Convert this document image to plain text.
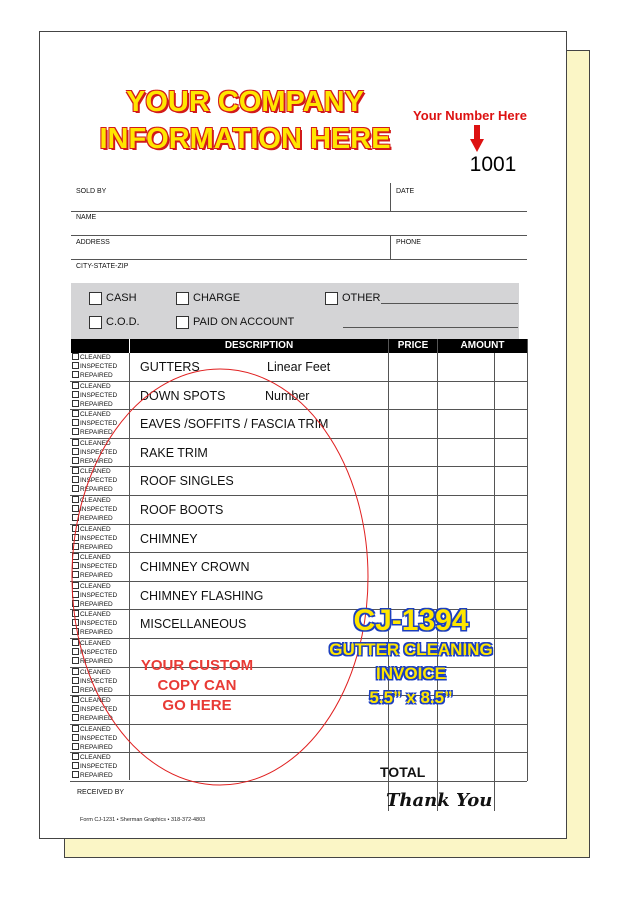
YOUR COMPANY
INFORMATION HERE
Your Number Here
1001
SOLD BY	DATE
NAME
ADDRESS	PHONE
CITY-STATE-ZIP
CASH	CHARGE	OTHER
C.O.D.	PAID ON ACCOUNT
DESCRIPTION	PRICE	AMOUNT
CLEANED
INSPECTED
REPAIRED
GUTTERS	Linear Feet
CLEANED
INSPECTED
REPAIRED
DOWN SPOTS	Number
CLEANED
INSPECTED
REPAIRED
EAVES /SOFFITS / FASCIA TRIM
CLEANED
INSPECTED
REPAIRED
RAKE TRIM
CLEANED
INSPECTED
REPAIRED
ROOF SINGLES
CLEANED
INSPECTED
REPAIRED
ROOF BOOTS
CLEANED
INSPECTED
REPAIRED
CHIMNEY
CLEANED
INSPECTED
REPAIRED
CHIMNEY CROWN
CLEANED
INSPECTED
REPAIRED
CHIMNEY FLASHING
CLEANED
INSPECTED
REPAIRED
MISCELLANEOUS
CLEANED
INSPECTED
REPAIRED
CLEANED
INSPECTED
REPAIRED
CLEANED
INSPECTED
REPAIRED
CLEANED
INSPECTED
REPAIRED
CLEANED
INSPECTED
REPAIRED
YOUR CUSTOM
COPY CAN
GO HERE
CJ-1394
GUTTER CLEANING
INVOICE
5.5” x 8.5”
TOTAL
RECEIVED BY	Thank You
Form CJ-1231 • Sherman Graphics • 318-372-4803
